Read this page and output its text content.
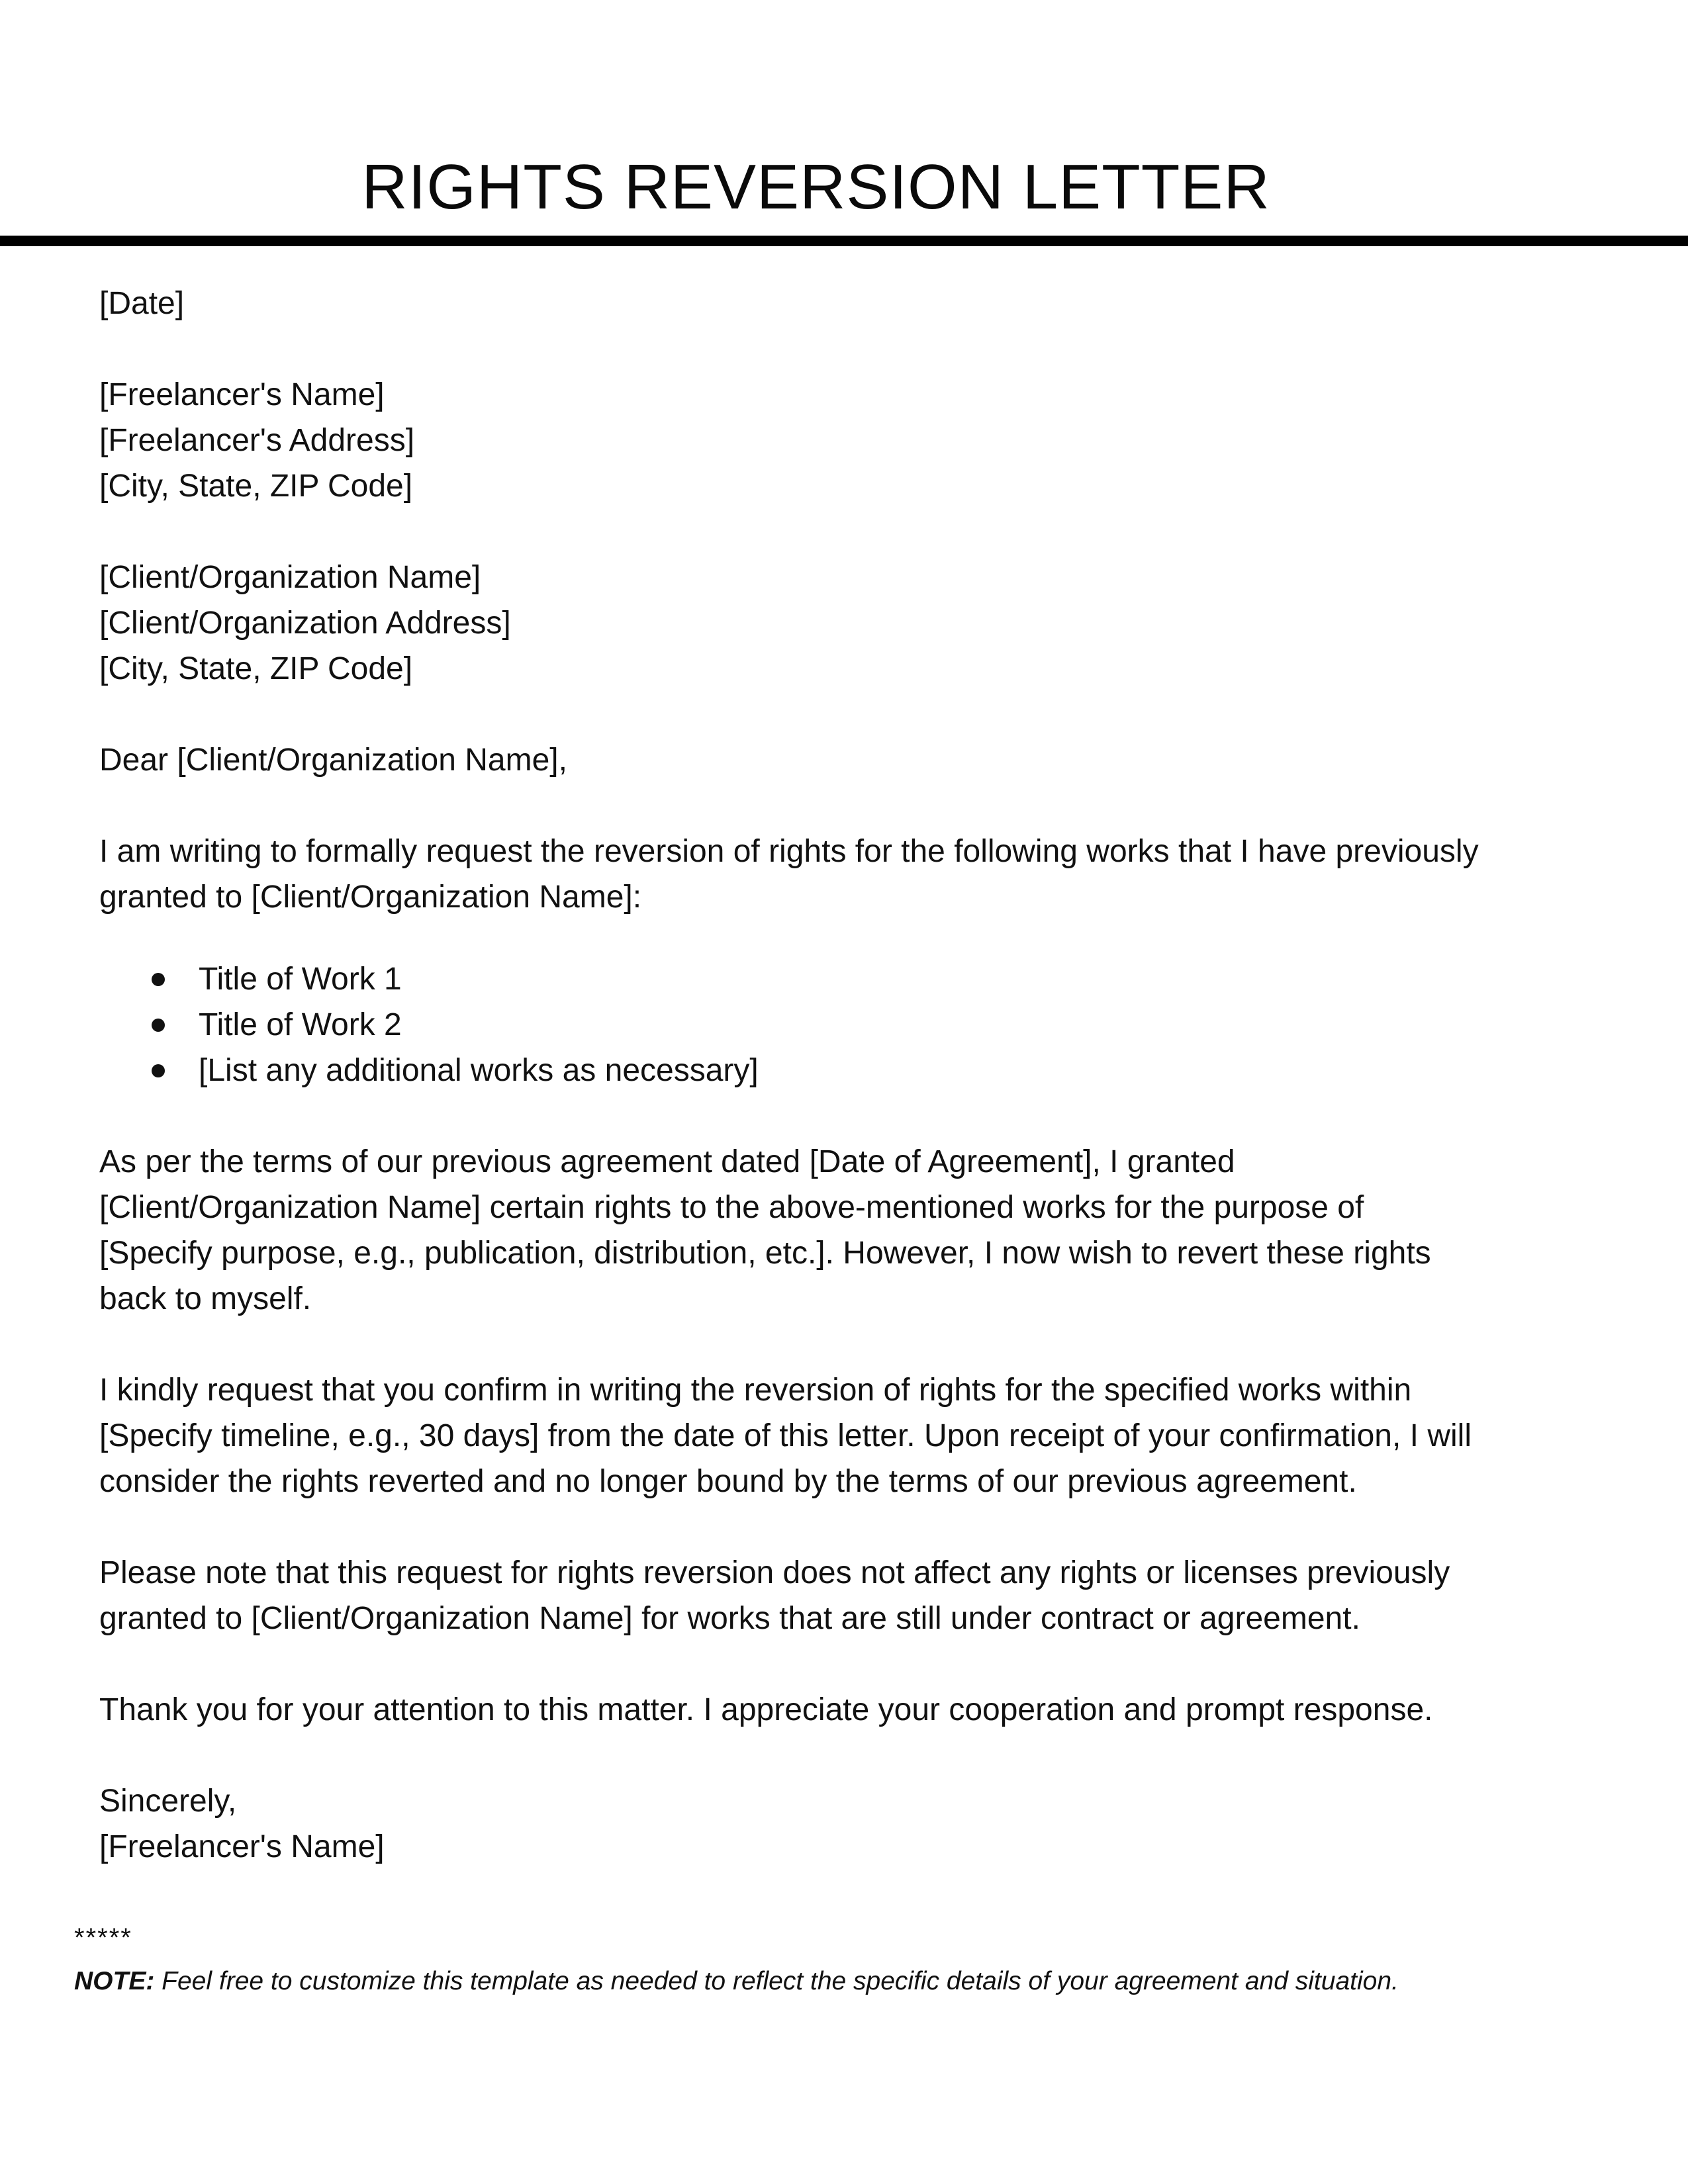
RIGHTS REVERSION LETTER
[Date]
[Freelancer's Name]
[Freelancer's Address]
[City, State, ZIP Code]
[Client/Organization Name]
[Client/Organization Address]
[City, State, ZIP Code]
Dear [Client/Organization Name],
I am writing to formally request the reversion of rights for the following works that I have previously
granted to [Client/Organization Name]:
Title of Work 1
Title of Work 2
[List any additional works as necessary]
As per the terms of our previous agreement dated [Date of Agreement], I granted
[Client/Organization Name] certain rights to the above-mentioned works for the purpose of
[Specify purpose, e.g., publication, distribution, etc.]. However, I now wish to revert these rights
back to myself.
I kindly request that you confirm in writing the reversion of rights for the specified works within
[Specify timeline, e.g., 30 days] from the date of this letter. Upon receipt of your confirmation, I will
consider the rights reverted and no longer bound by the terms of our previous agreement.
Please note that this request for rights reversion does not affect any rights or licenses previously
granted to [Client/Organization Name] for works that are still under contract or agreement.
Thank you for your attention to this matter. I appreciate your cooperation and prompt response.
Sincerely,
[Freelancer's Name]
*****
NOTE: Feel free to customize this template as needed to reflect the specific details of your agreement and situation.
